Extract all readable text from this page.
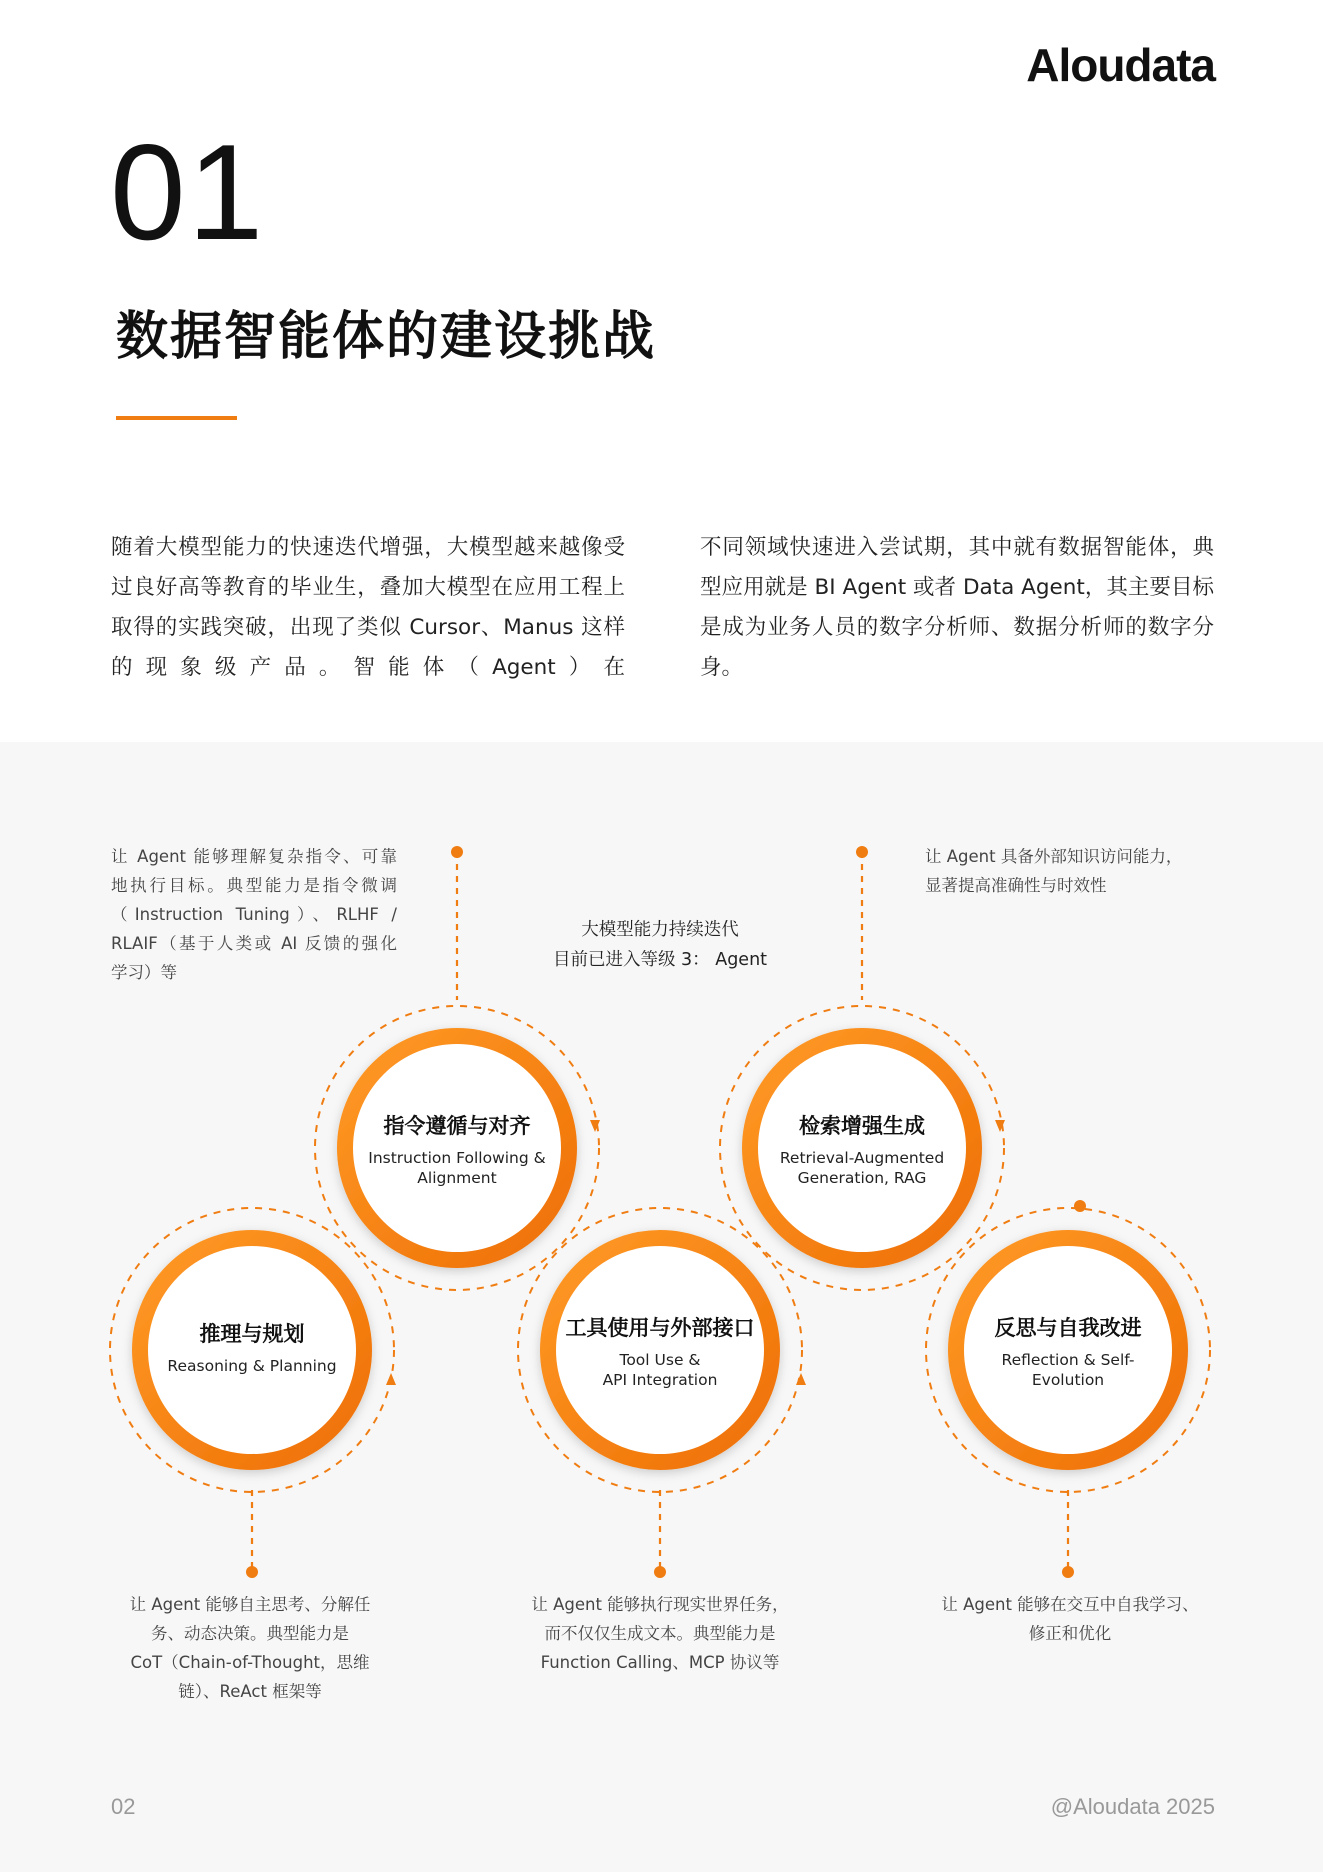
Aloudata
01
数据智能体的建设挑战
随着大模型能力的快速迭代增强，大模型越来越像受过良好高等教育的毕业生，叠加大模型在应用工程上取得的实践突破，出现了类似 Cursor、Manus 这样的现象级产品。智能体（Agent）在
不同领域快速进入尝试期，其中就有数据智能体，典型应用就是 BI Agent 或者 Data Agent，其主要目标是成为业务人员的数字分析师、数据分析师的数字分身。
大模型能力持续迭代
目前已进入等级 3： Agent
推理与规划
Reasoning & Planning
指令遵循与对齐
Instruction Following &
Alignment
工具使用与外部接口
Tool Use &
API Integration
检索增强生成
Retrieval-Augmented
Generation, RAG
反思与自我改进
Reflection & Self-
Evolution
让 Agent 能够理解复杂指令、可靠
地执行目标。典型能力是指令微调
（Instruction Tuning）、RLHF /
RLAIF（基于人类或 AI 反馈的强化
学习）等
让 Agent 具备外部知识访问能力，
显著提高准确性与时效性
让 Agent 能够自主思考、分解任
务、动态决策。典型能力是
CoT（Chain-of-Thought，思维
链）、ReAct 框架等
让 Agent 能够执行现实世界任务，
而不仅仅生成文本。典型能力是
Function Calling、MCP 协议等
让 Agent 能够在交互中自我学习、
修正和优化
02	@Aloudata 2025
